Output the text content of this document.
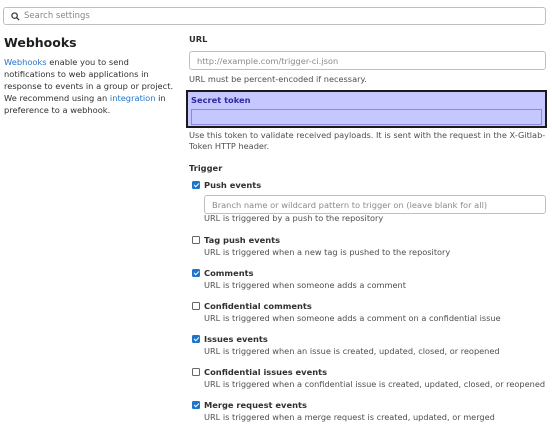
Search settings
Webhooks

Webhooks enable you to send notifications to web applications in response to events in a group or project. We recommend using an integration in preference to a webhook.

URL
http://example.com/trigger-ci.json
URL must be percent-encoded if necessary.
Secret token
Use this token to validate received payloads. It is sent with the request in the X-Gitlab-Token HTTP header.
Trigger
Push events
Branch name or wildcard pattern to trigger on (leave blank for all)
URL is triggered by a push to the repository
Tag push events
URL is triggered when a new tag is pushed to the repository
Comments
URL is triggered when someone adds a comment
Confidential comments
URL is triggered when someone adds a comment on a confidential issue
Issues events
URL is triggered when an issue is created, updated, closed, or reopened
Confidential issues events
URL is triggered when a confidential issue is created, updated, closed, or reopened
Merge request events
URL is triggered when a merge request is created, updated, or merged
